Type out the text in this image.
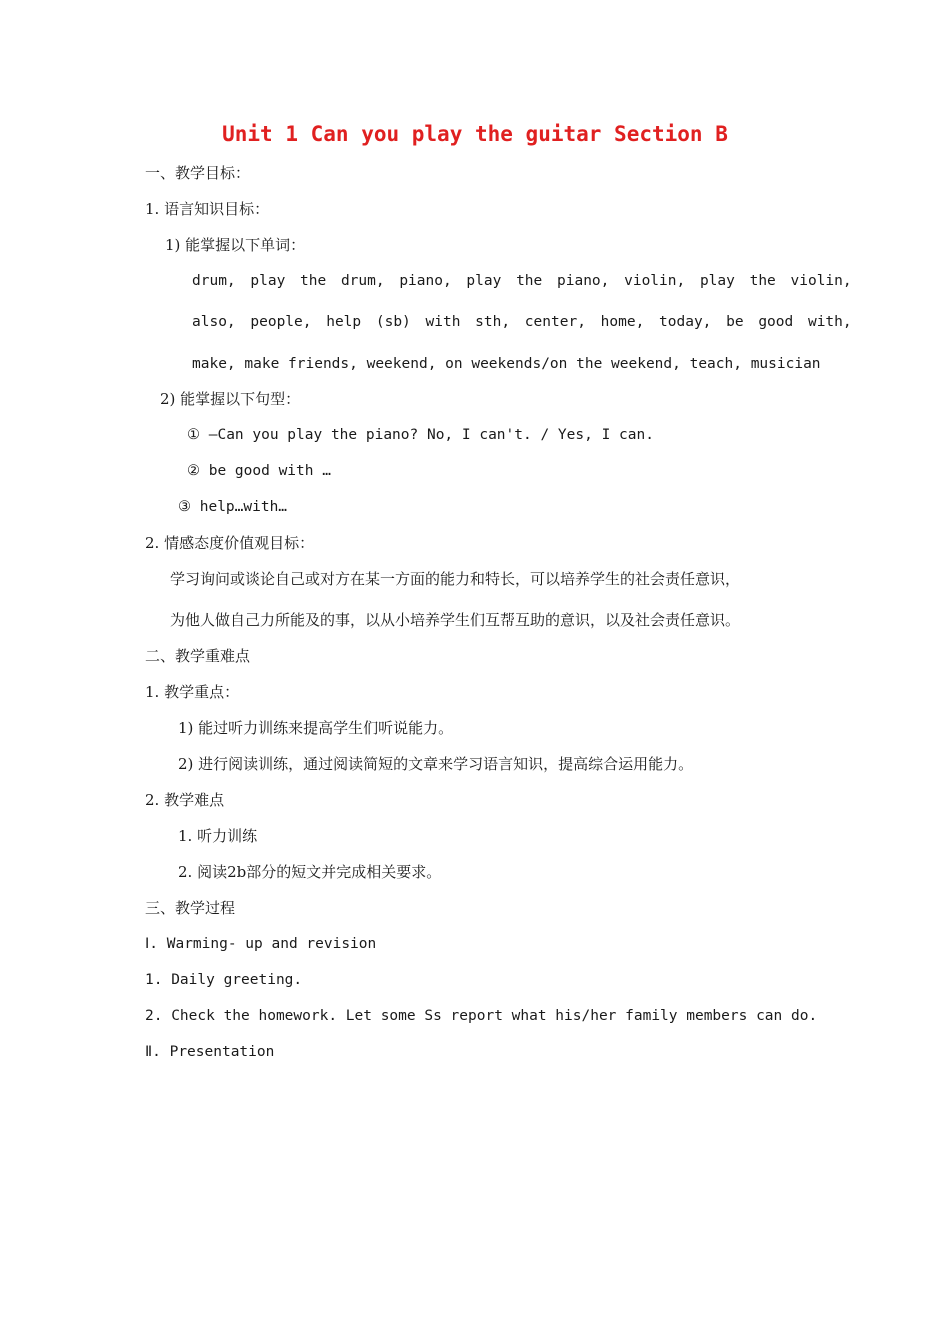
Unit 1 Can you play the guitar Section B
一、教学目标：
1. 语言知识目标：
1) 能掌握以下单词：
drum, play the drum, piano, play the piano, violin, play the violin,
also, people, help (sb) with sth, center, home, today, be good with,
make, make friends, weekend, on weekends/on the weekend, teach, musician
2) 能掌握以下句型：
① —Can you play the piano? No, I can't. / Yes, I can.
② be good with …
③ help…with…
2. 情感态度价值观目标：
学习询问或谈论自己或对方在某一方面的能力和特长，可以培养学生的社会责任意识，
为他人做自己力所能及的事，以从小培养学生们互帮互助的意识，以及社会责任意识。
二、教学重难点
1. 教学重点：
1) 能过听力训练来提高学生们听说能力。
2) 进行阅读训练，通过阅读简短的文章来学习语言知识，提高综合运用能力。
2. 教学难点
1. 听力训练
2. 阅读2b部分的短文并完成相关要求。
三、教学过程
Ⅰ. Warming- up and revision
1. Daily greeting.
2. Check the homework. Let some Ss report what his/her family members can do.
Ⅱ. Presentation
